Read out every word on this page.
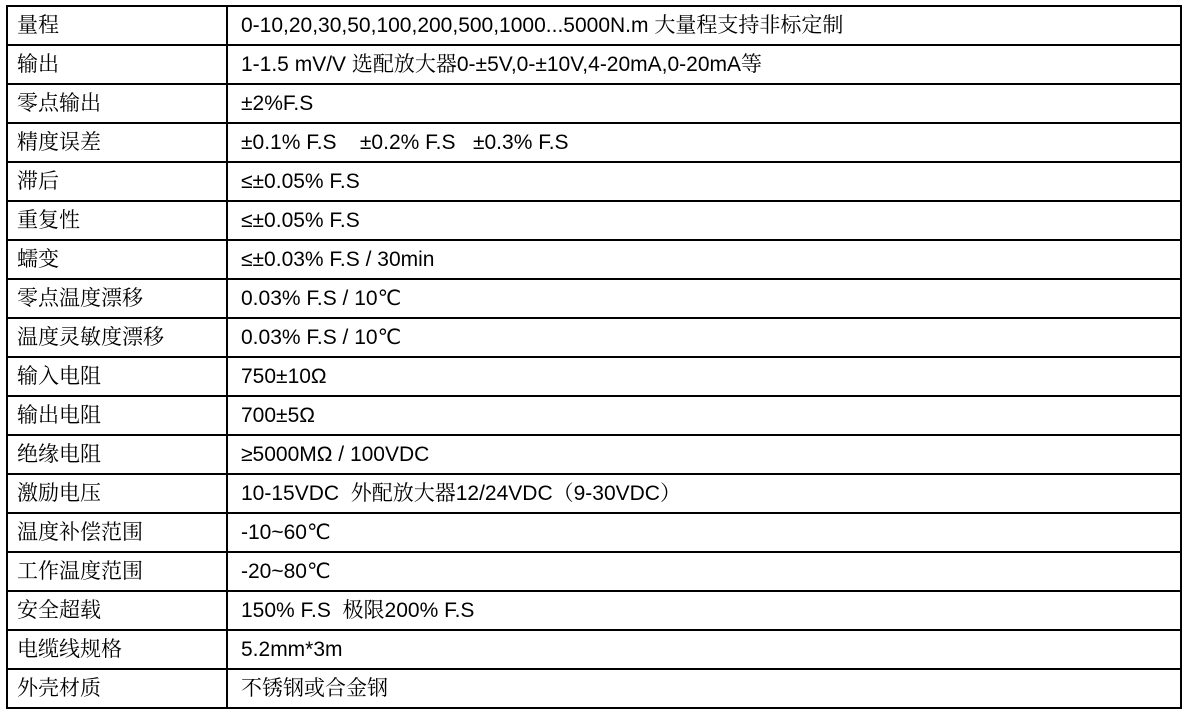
量程	0-10,20,30,50,100,200,500,1000...5000N.m 大量程支持非标定制
输出	1-1.5 mV/V 选配放大器0-±5V,0-±10V,4-20mA,0-20mA等
零点输出	±2%F.S
精度误差	±0.1% F.S    ±0.2% F.S   ±0.3% F.S
滞后	≤±0.05% F.S
重复性	≤±0.05% F.S
蠕变	≤±0.03% F.S / 30min
零点温度漂移	0.03% F.S / 10℃
温度灵敏度漂移	0.03% F.S / 10℃
输入电阻	750±10Ω
输出电阻	700±5Ω
绝缘电阻	≥5000MΩ / 100VDC
激励电压	10-15VDC  外配放大器12/24VDC（9-30VDC）
温度补偿范围	-10~60℃
工作温度范围	-20~80℃
安全超载	150% F.S  极限200% F.S
电缆线规格	5.2mm*3m
外壳材质	不锈钢或合金钢
